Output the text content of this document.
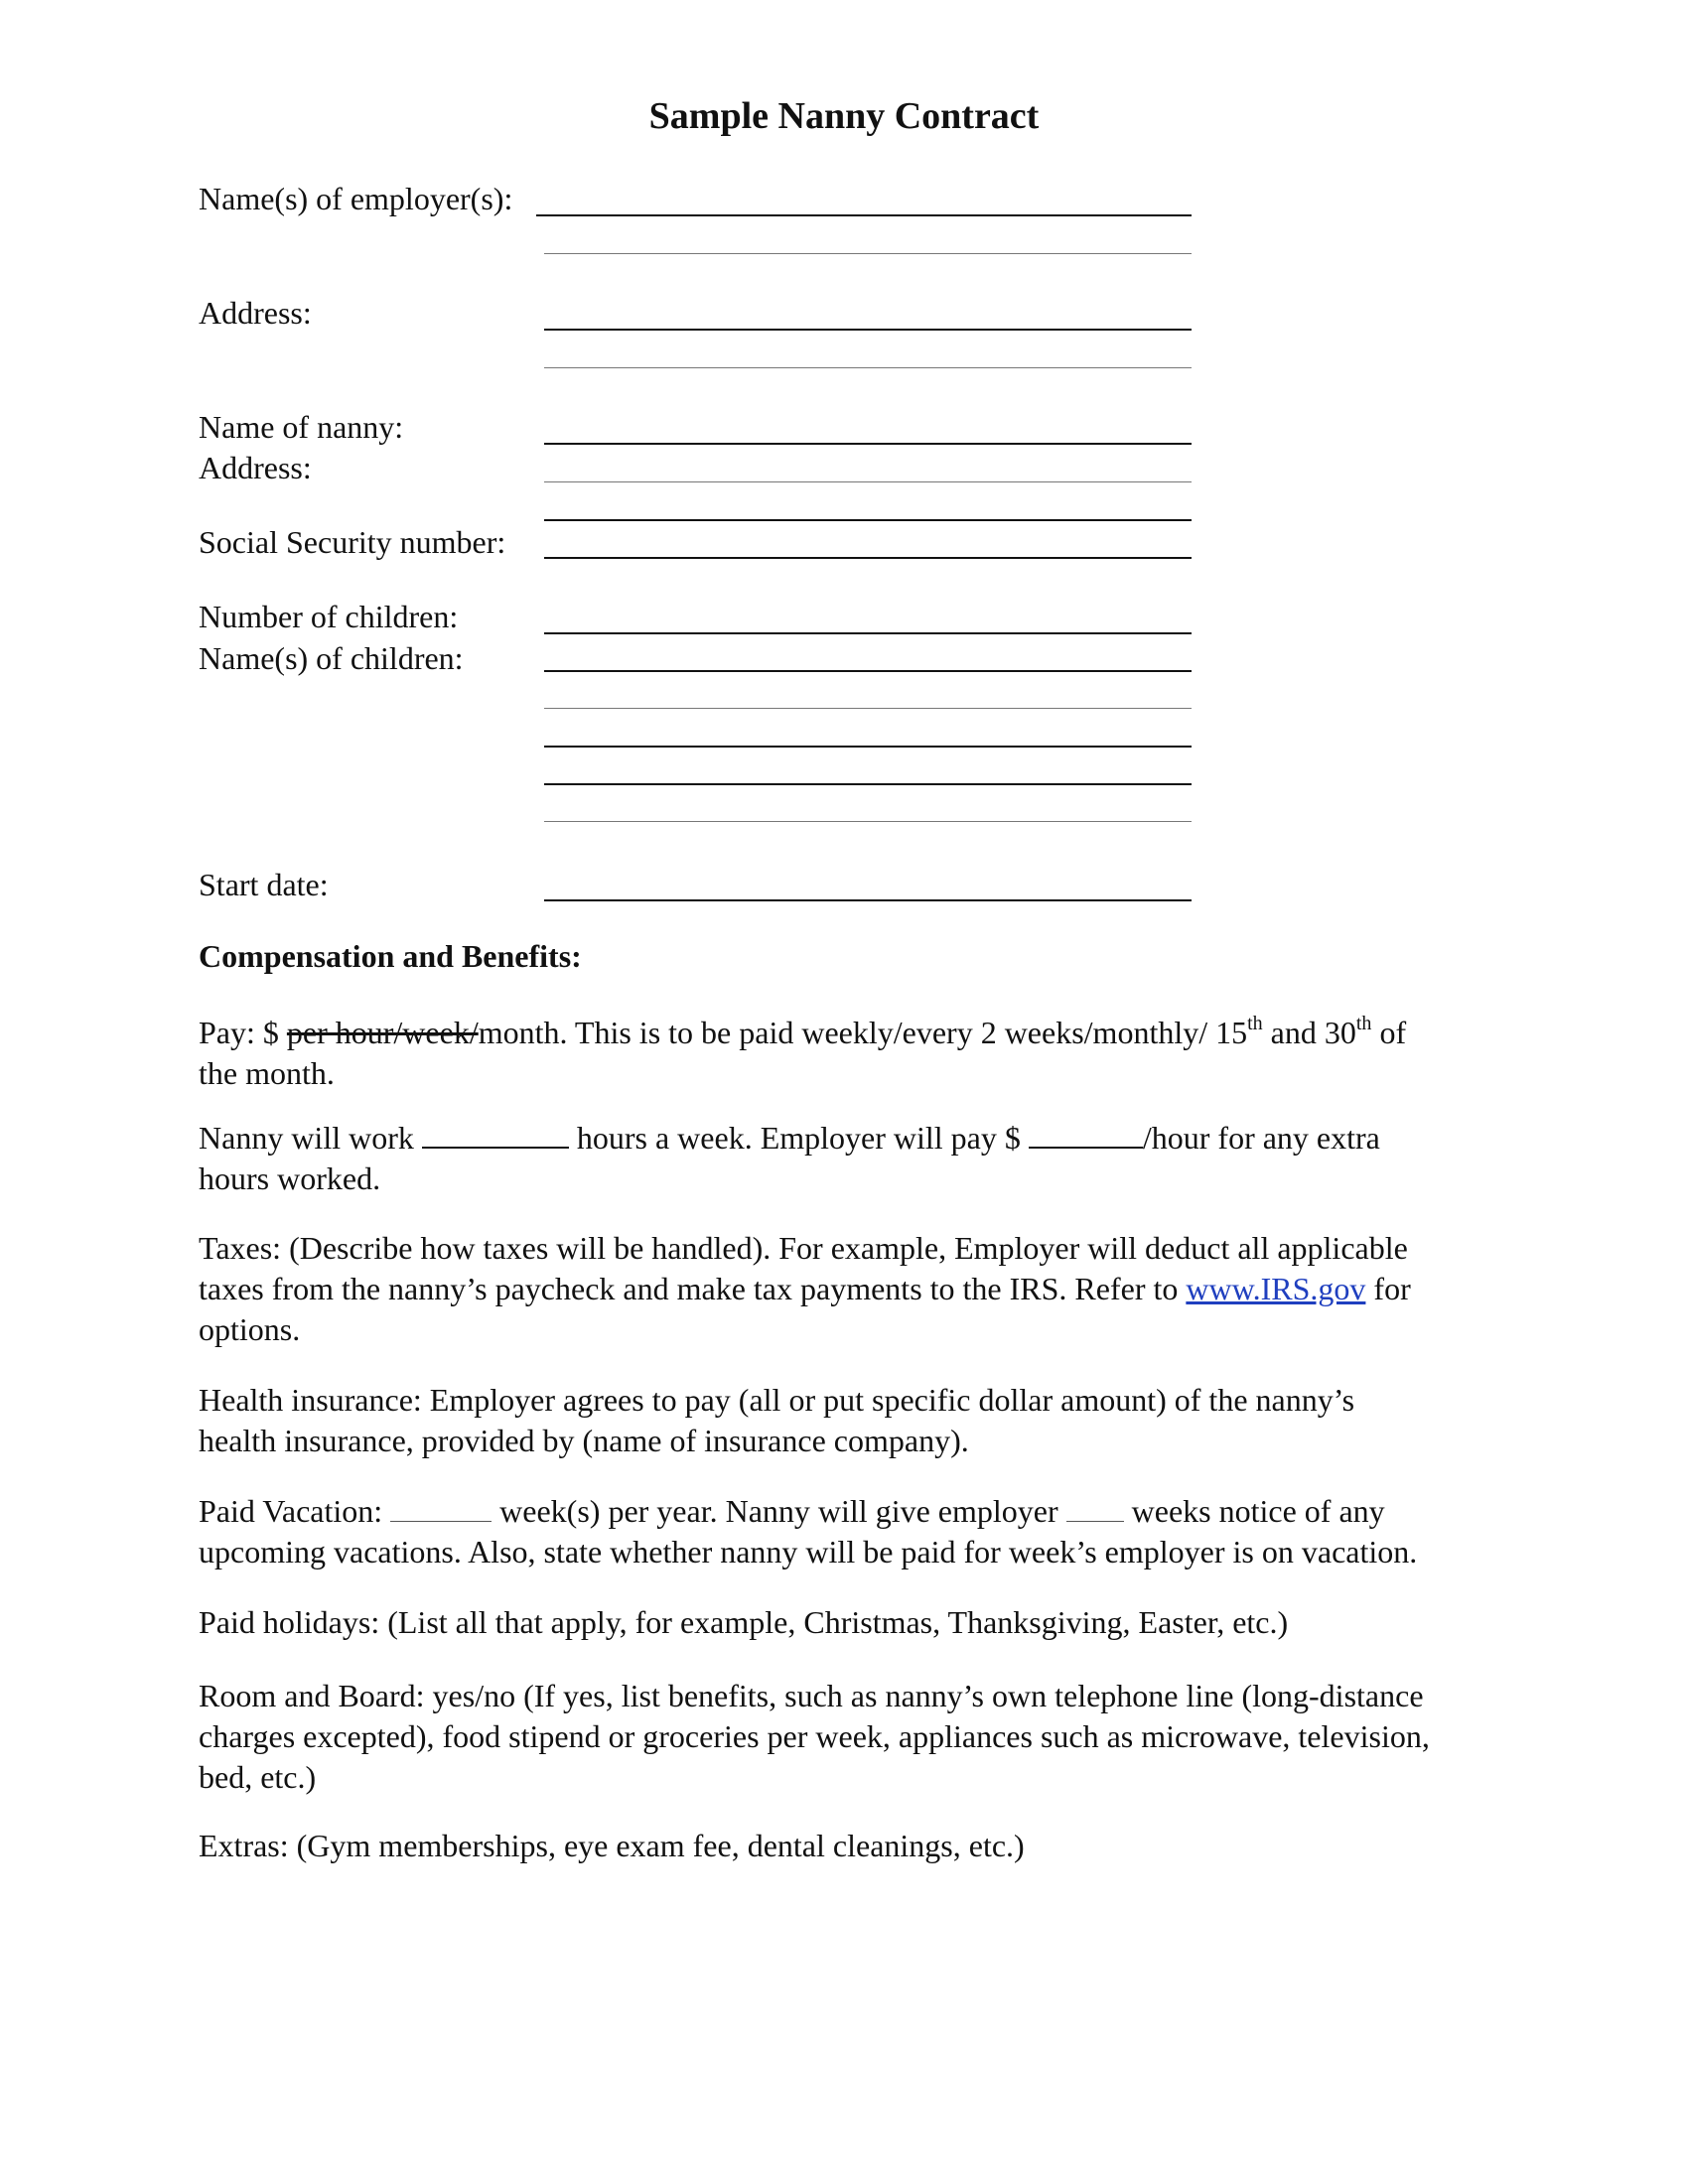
Sample Nanny Contract
Name(s) of employer(s):
Address:
Name of nanny:
Address:
Social Security number:
Number of children:
Name(s) of children:
Start date:
Compensation and Benefits:
Pay: $ per hour/week/month. This is to be paid weekly/every 2 weeks/monthly/ 15th and 30th of
the month.
Nanny will work	hours a week. Employer will pay $	/hour for any extra
hours worked.
Taxes: (Describe how taxes will be handled). For example, Employer will deduct all applicable
taxes from the nanny’s paycheck and make tax payments to the IRS. Refer to www.IRS.gov for
options.
Health insurance: Employer agrees to pay (all or put specific dollar amount) of the nanny’s
health insurance, provided by (name of insurance company).
Paid Vacation:	week(s) per year. Nanny will give employer  weeks notice of any
upcoming vacations. Also, state whether nanny will be paid for week’s employer is on vacation.
Paid holidays: (List all that apply, for example, Christmas, Thanksgiving, Easter, etc.)
Room and Board: yes/no (If yes, list benefits, such as nanny’s own telephone line (long-distance
charges excepted), food stipend or groceries per week, appliances such as microwave, television,
bed, etc.)
Extras: (Gym memberships, eye exam fee, dental cleanings, etc.)
